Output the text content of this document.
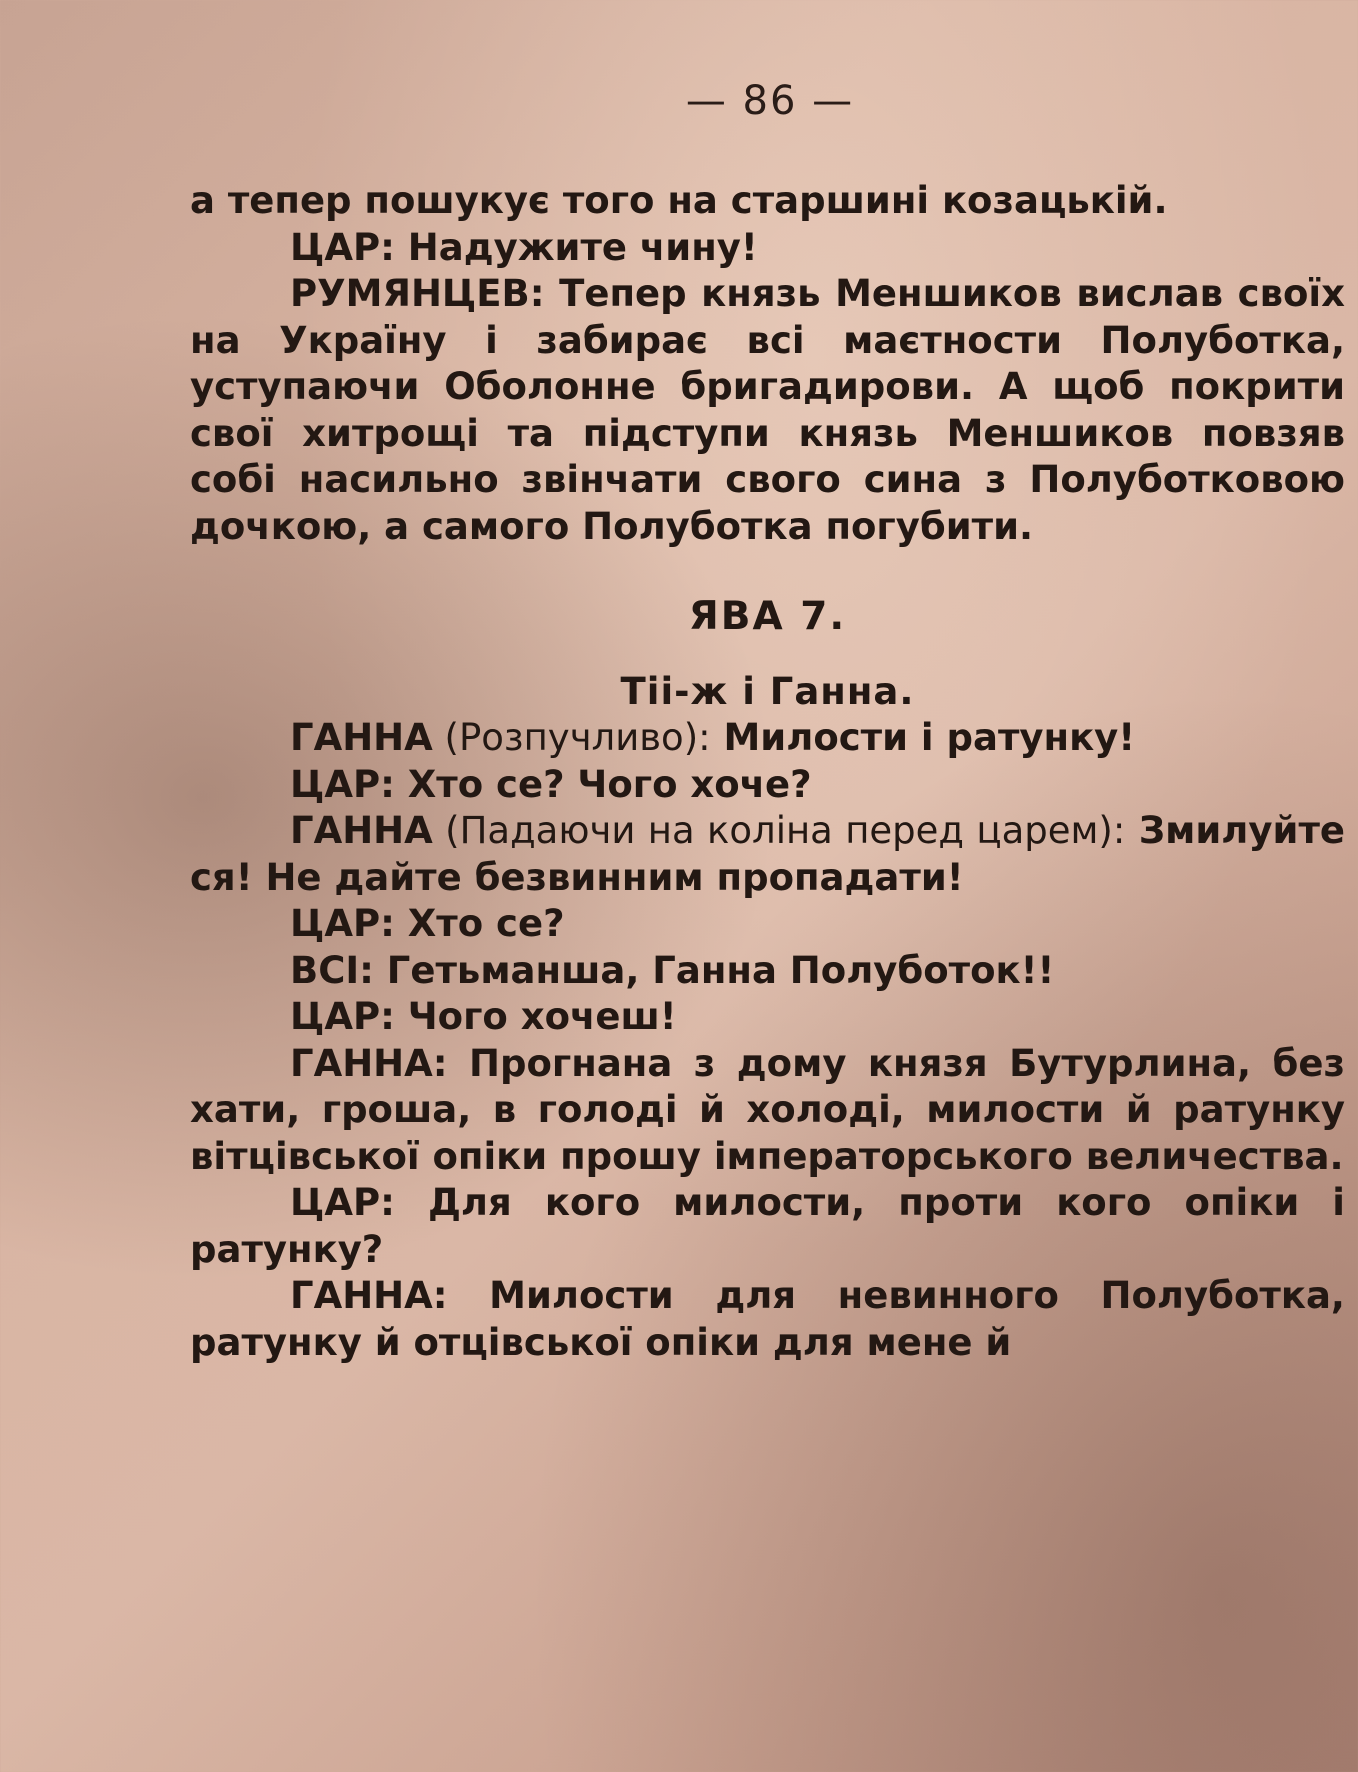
— 86 —

а тепер пошукує того на старшині козацькій.

ЦАР: Надужите чину!

РУМЯНЦЕВ: Тепер князь Меншиков вислав своїх на Україну і забирає всі маєтности Полуботка, уступаючи Оболонне бригадирови. А щоб покрити свої хитрощі та підступи князь Меншиков повзяв собі насильно звінчати свого сина з Полуботковою дочкою, а самого Полуботка погубити.

ЯВА 7.

Тіі-ж і Ганна.

ГАННА (Розпучливо): Милости і ратунку!

ЦАР: Хто се? Чого хоче?

ГАННА (Падаючи на коліна перед царем): Змилуйте ся! Не дайте безвинним пропадати!

ЦАР: Хто се?

ВСІ: Гетьманша, Ганна Полуботок!!

ЦАР: Чого хочеш!

ГАННА: Прогнана з дому князя Бутурлина, без хати, гроша, в голоді й холоді, милости й ратунку вітцівської опіки прошу імператорського величества.

ЦАР: Для кого милости, проти кого опіки і ратунку?

ГАННА: Милости для невинного Полуботка, ратунку й отцівської опіки для мене й
